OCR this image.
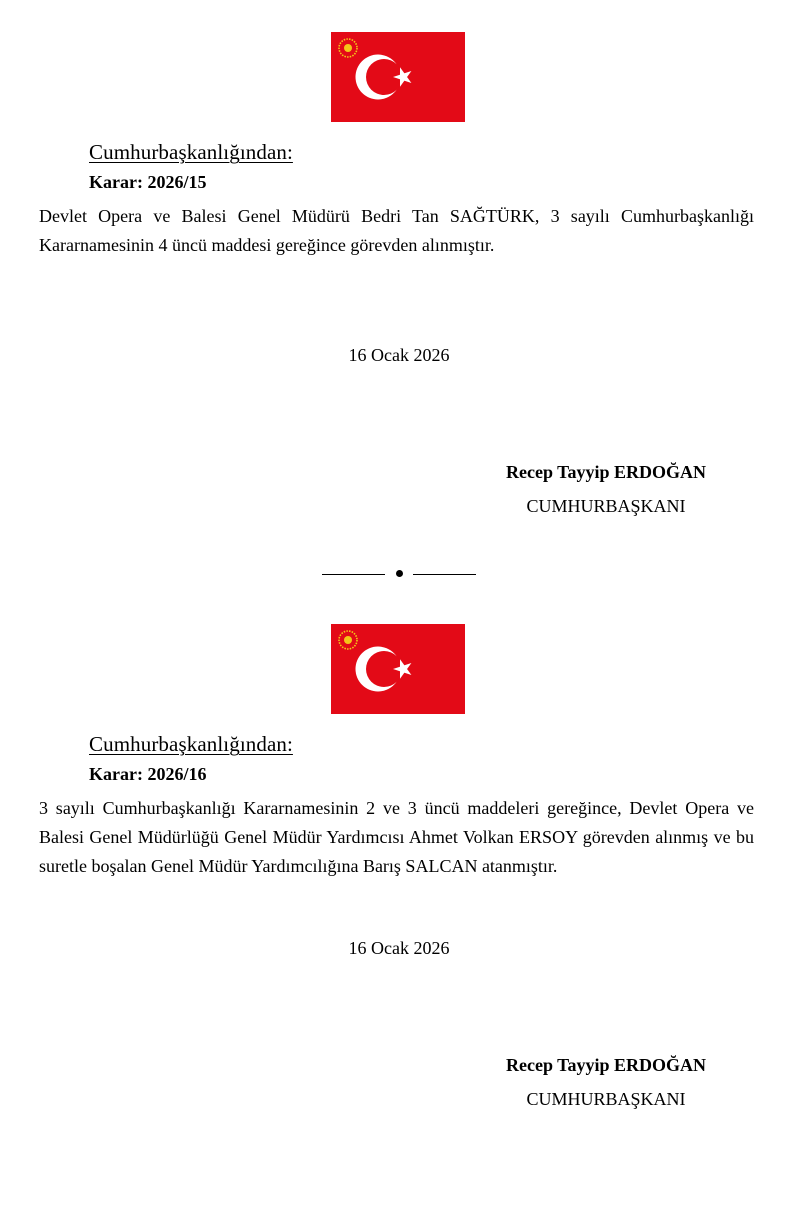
Cumhurbaşkanlığından:
Karar: 2026/15
Devlet Opera ve Balesi Genel Müdürü Bedri Tan SAĞTÜRK, 3 sayılı Cumhurbaşkanlığı Kararnamesinin 4 üncü maddesi gereğince görevden alınmıştır.
16 Ocak 2026
Recep Tayyip ERDOĞAN
CUMHURBAŞKANI
Cumhurbaşkanlığından:
Karar: 2026/16
3 sayılı Cumhurbaşkanlığı Kararnamesinin 2 ve 3 üncü maddeleri gereğince, Devlet Opera ve Balesi Genel Müdürlüğü Genel Müdür Yardımcısı Ahmet Volkan ERSOY görevden alınmış ve bu suretle boşalan Genel Müdür Yardımcılığına Barış SALCAN atanmıştır.
16 Ocak 2026
Recep Tayyip ERDOĞAN
CUMHURBAŞKANI
